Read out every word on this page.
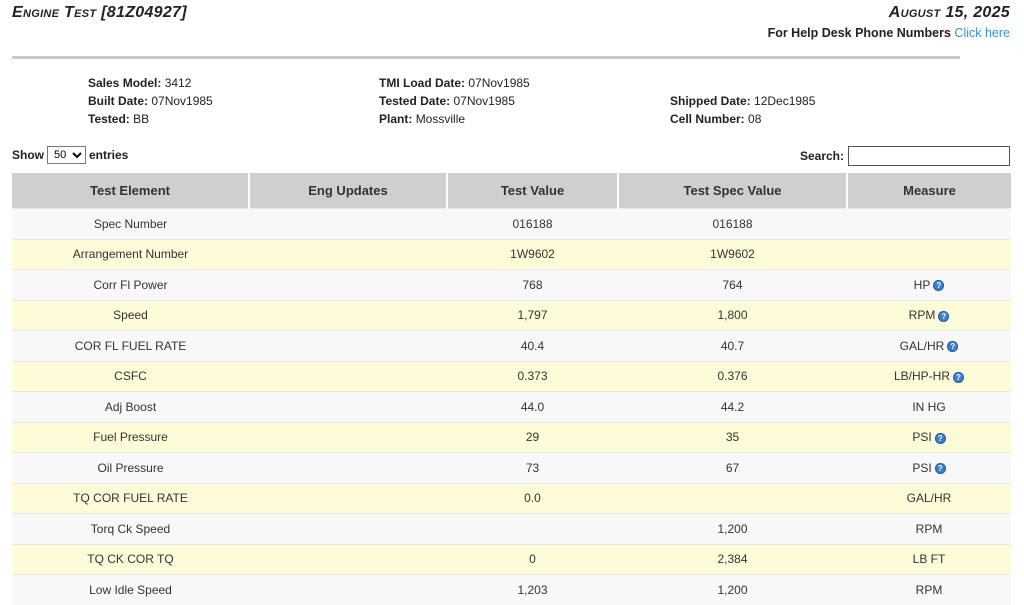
Engine Test [81Z04927]	August 15, 2025
For Help Desk Phone Numbers Click here
Sales Model: 3412
Built Date: 07Nov1985
Tested: BB
TMI Load Date: 07Nov1985
Tested Date: 07Nov1985
Plant: Mossville
Shipped Date: 12Dec1985
Cell Number: 08
Show
50	entries	Search:
Test Element	Eng Updates	Test Value	Test Spec Value	Measure
Spec Number		016188	016188	
Arrangement Number		1W9602	1W9602	
Corr Fl Power		768	764	HP ?
Speed		1,797	1,800	RPM ?
COR FL FUEL RATE		40.4	40.7	GAL/HR ?
CSFC		0.373	0.376	LB/HP-HR ?
Adj Boost		44.0	44.2	IN HG
Fuel Pressure		29	35	PSI ?
Oil Pressure		73	67	PSI ?
TQ COR FUEL RATE		0.0		GAL/HR
Torq Ck Speed			1,200	RPM
TQ CK COR TQ		0	2,384	LB FT
Low Idle Speed		1,203	1,200	RPM
